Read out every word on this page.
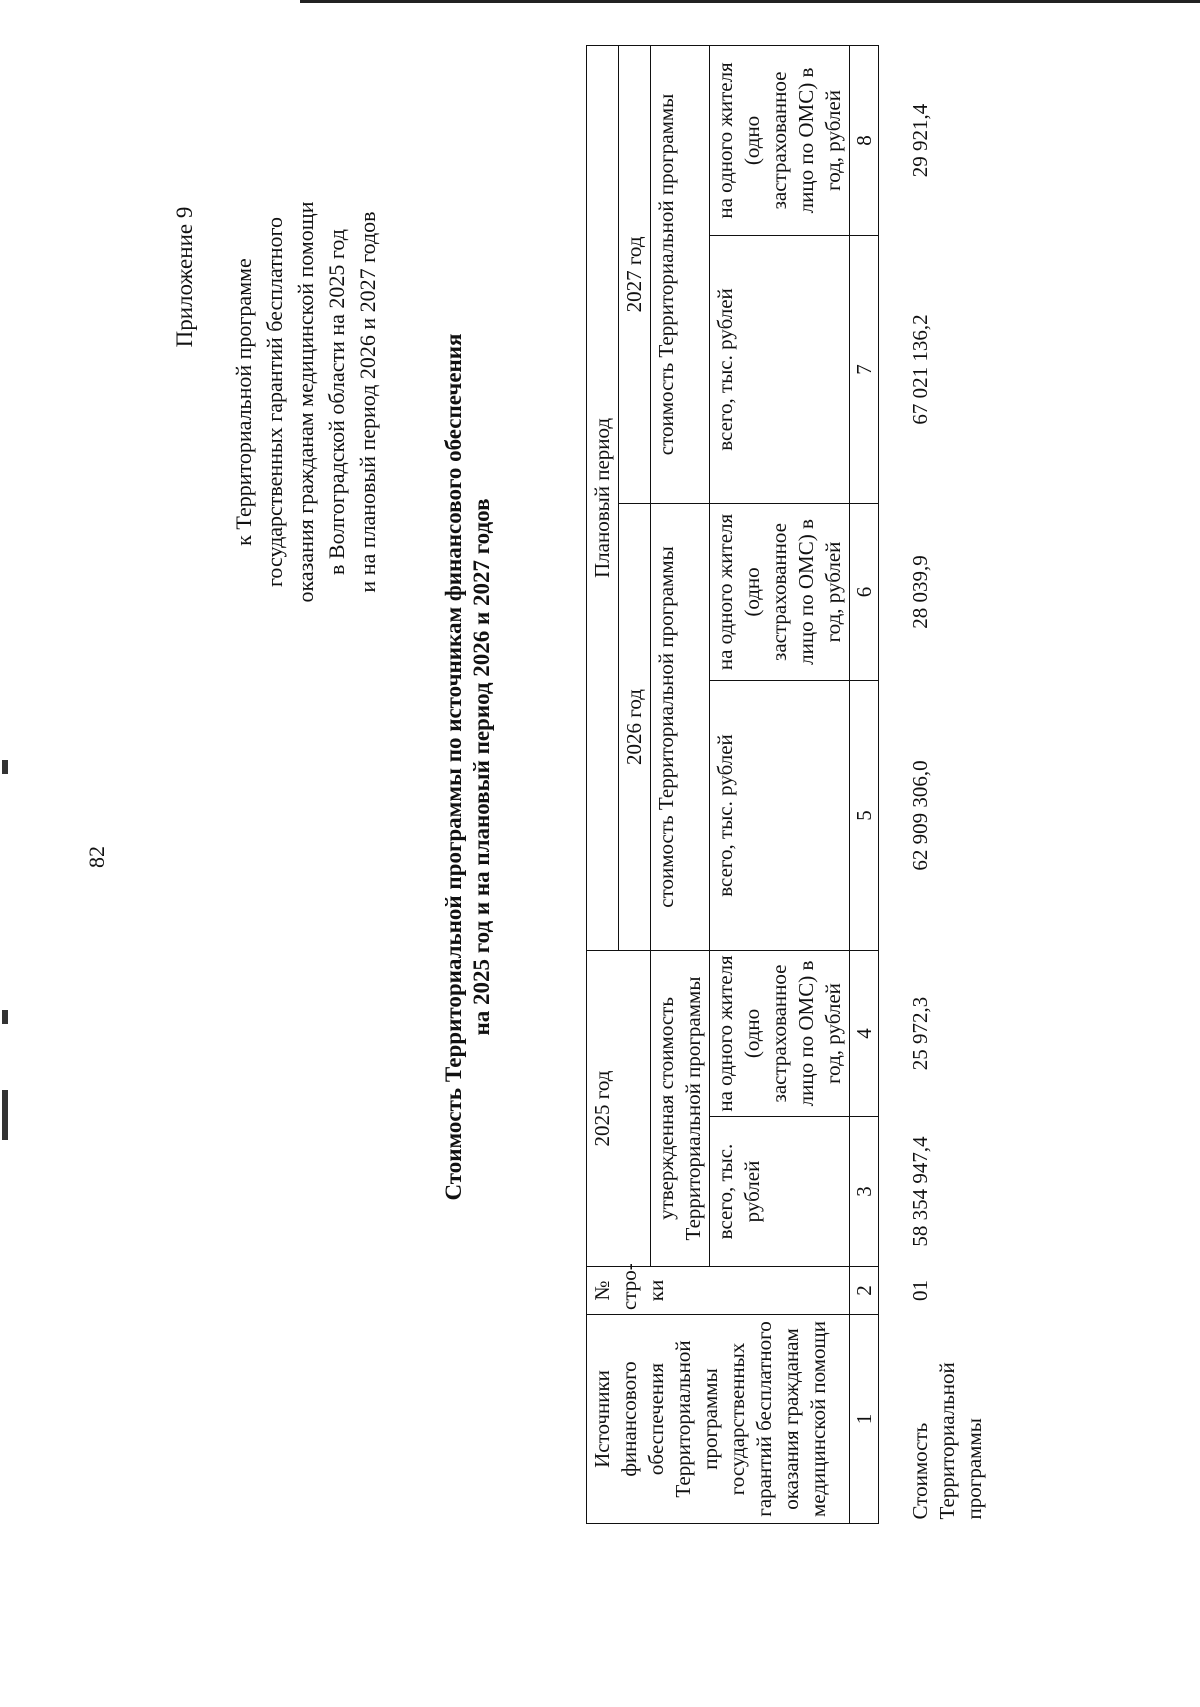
82
Приложение 9 к Территориальной программе государственных гарантий бесплатного оказания гражданам медицинской помощи в Волгоградской области на 2025 год и на плановый период 2026 и 2027 годов	Стоимость Территориальной программы по источникам финансового обеспечения на 2025 год и на плановый период 2026 и 2027 годов
Источники финансового обеспечения Территориальной программы государственных гарантий бесплатного оказания гражданам медицинской помощи	№ стро-ки	2025 год		Плановый период			
				2026 год		2027 год	
		утвержденная стоимость Территориальной программы		стоимость Территориальной программы		стоимость Территориальной программы	
		всего, тыс. рублей	на одного жителя (одно застрахованное лицо по ОМС) в год, рублей	всего, тыс. рублей	на одного жителя (одно застрахованное лицо по ОМС) в год, рублей	всего, тыс. рублей	на одного жителя (одно застрахованное лицо по ОМС) в год, рублей
1	2	3	4	5	6	7	8
Стоимость Территориальной программы	01	58 354 947,4	25 972,3	62 909 306,0	28 039,9	67 021 136,2	29 921,4
